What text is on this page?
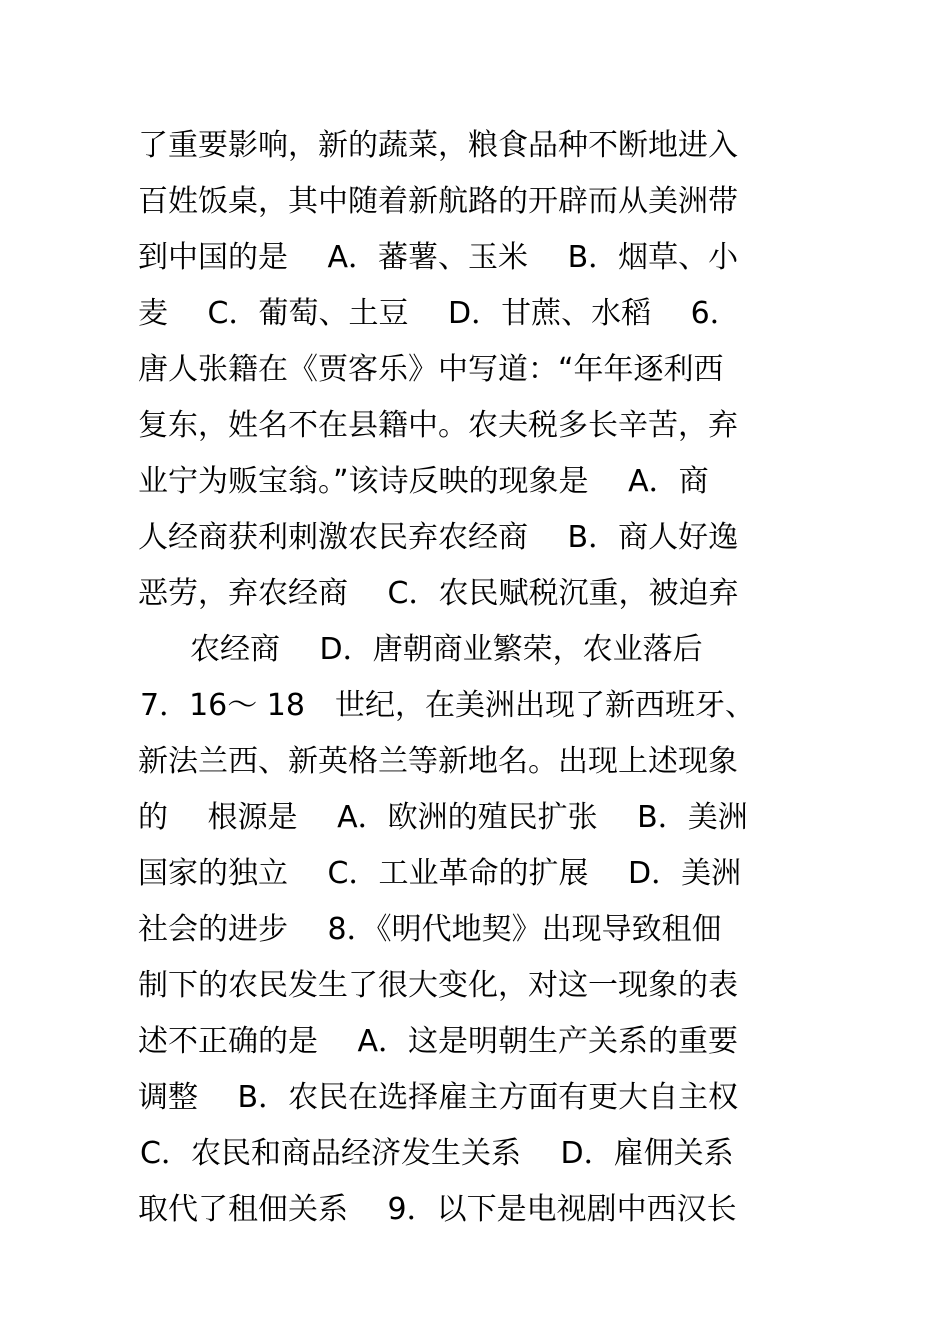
了重要影响，新的蔬菜，粮食品种不断地进入
百姓饭桌，其中随着新航路的开辟而从美洲带
到中国的是　 A．蕃薯、玉米　 B．烟草、小
麦　 C．葡萄、土豆　 D．甘蔗、水稻　 6．
唐人张籍在《贾客乐》中写道：“年年逐利西
复东，姓名不在县籍中。农夫税多长辛苦，弃
业宁为贩宝翁。”该诗反映的现象是　 A．商
人经商获利刺激农民弃农经商　 B．商人好逸
恶劳，弃农经商　 C．农民赋税沉重，被迫弃
农经商　 D．唐朝商业繁荣，农业落后
7．16～ 18　世纪，在美洲出现了新西班牙、
新法兰西、新英格兰等新地名。出现上述现象
的　 根源是　 A．欧洲的殖民扩张　 B．美洲
国家的独立　 C．工业革命的扩展　 D．美洲
社会的进步　 8．《明代地契》出现导致租佃
制下的农民发生了很大变化，对这一现象的表
述不正确的是　 A．这是明朝生产关系的重要
调整　 B．农民在选择雇主方面有更大自主权
C．农民和商品经济发生关系　 D．雇佣关系
取代了租佃关系　 9．以下是电视剧中西汉长
